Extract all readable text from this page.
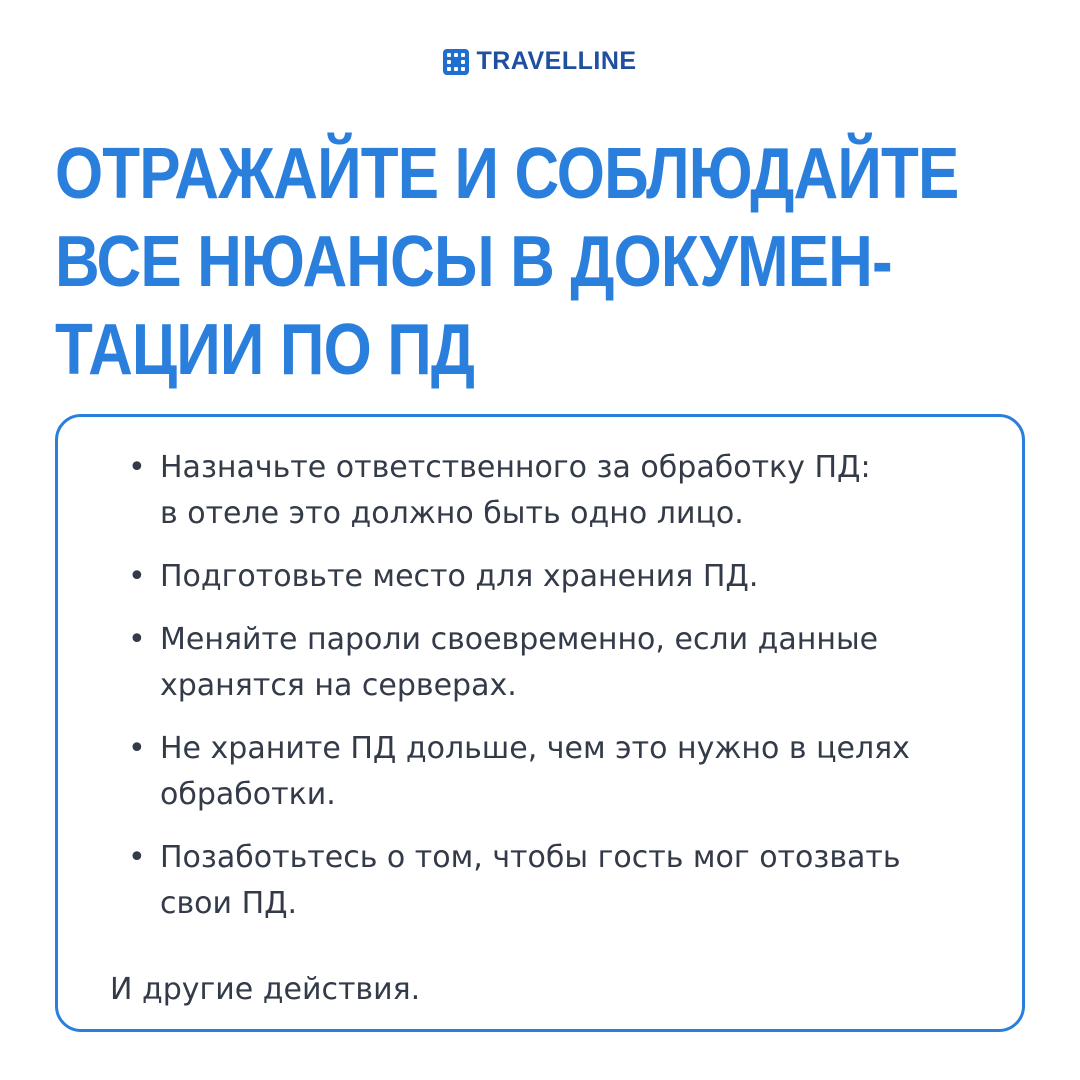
TRAVELLINE
ОТРАЖАЙТЕ И СОБЛЮДАЙТЕ
ВСЕ НЮАНСЫ В ДОКУМЕН-
ТАЦИИ ПО ПД
• Назначьте ответственного за обработку ПД:
в отеле это должно быть одно лицо.
• Подготовьте место для хранения ПД.
• Меняйте пароли своевременно, если данные
хранятся на серверах.
• Не храните ПД дольше, чем это нужно в целях
обработки.
• Позаботьтесь о том, чтобы гость мог отозвать
свои ПД.
И другие действия.
